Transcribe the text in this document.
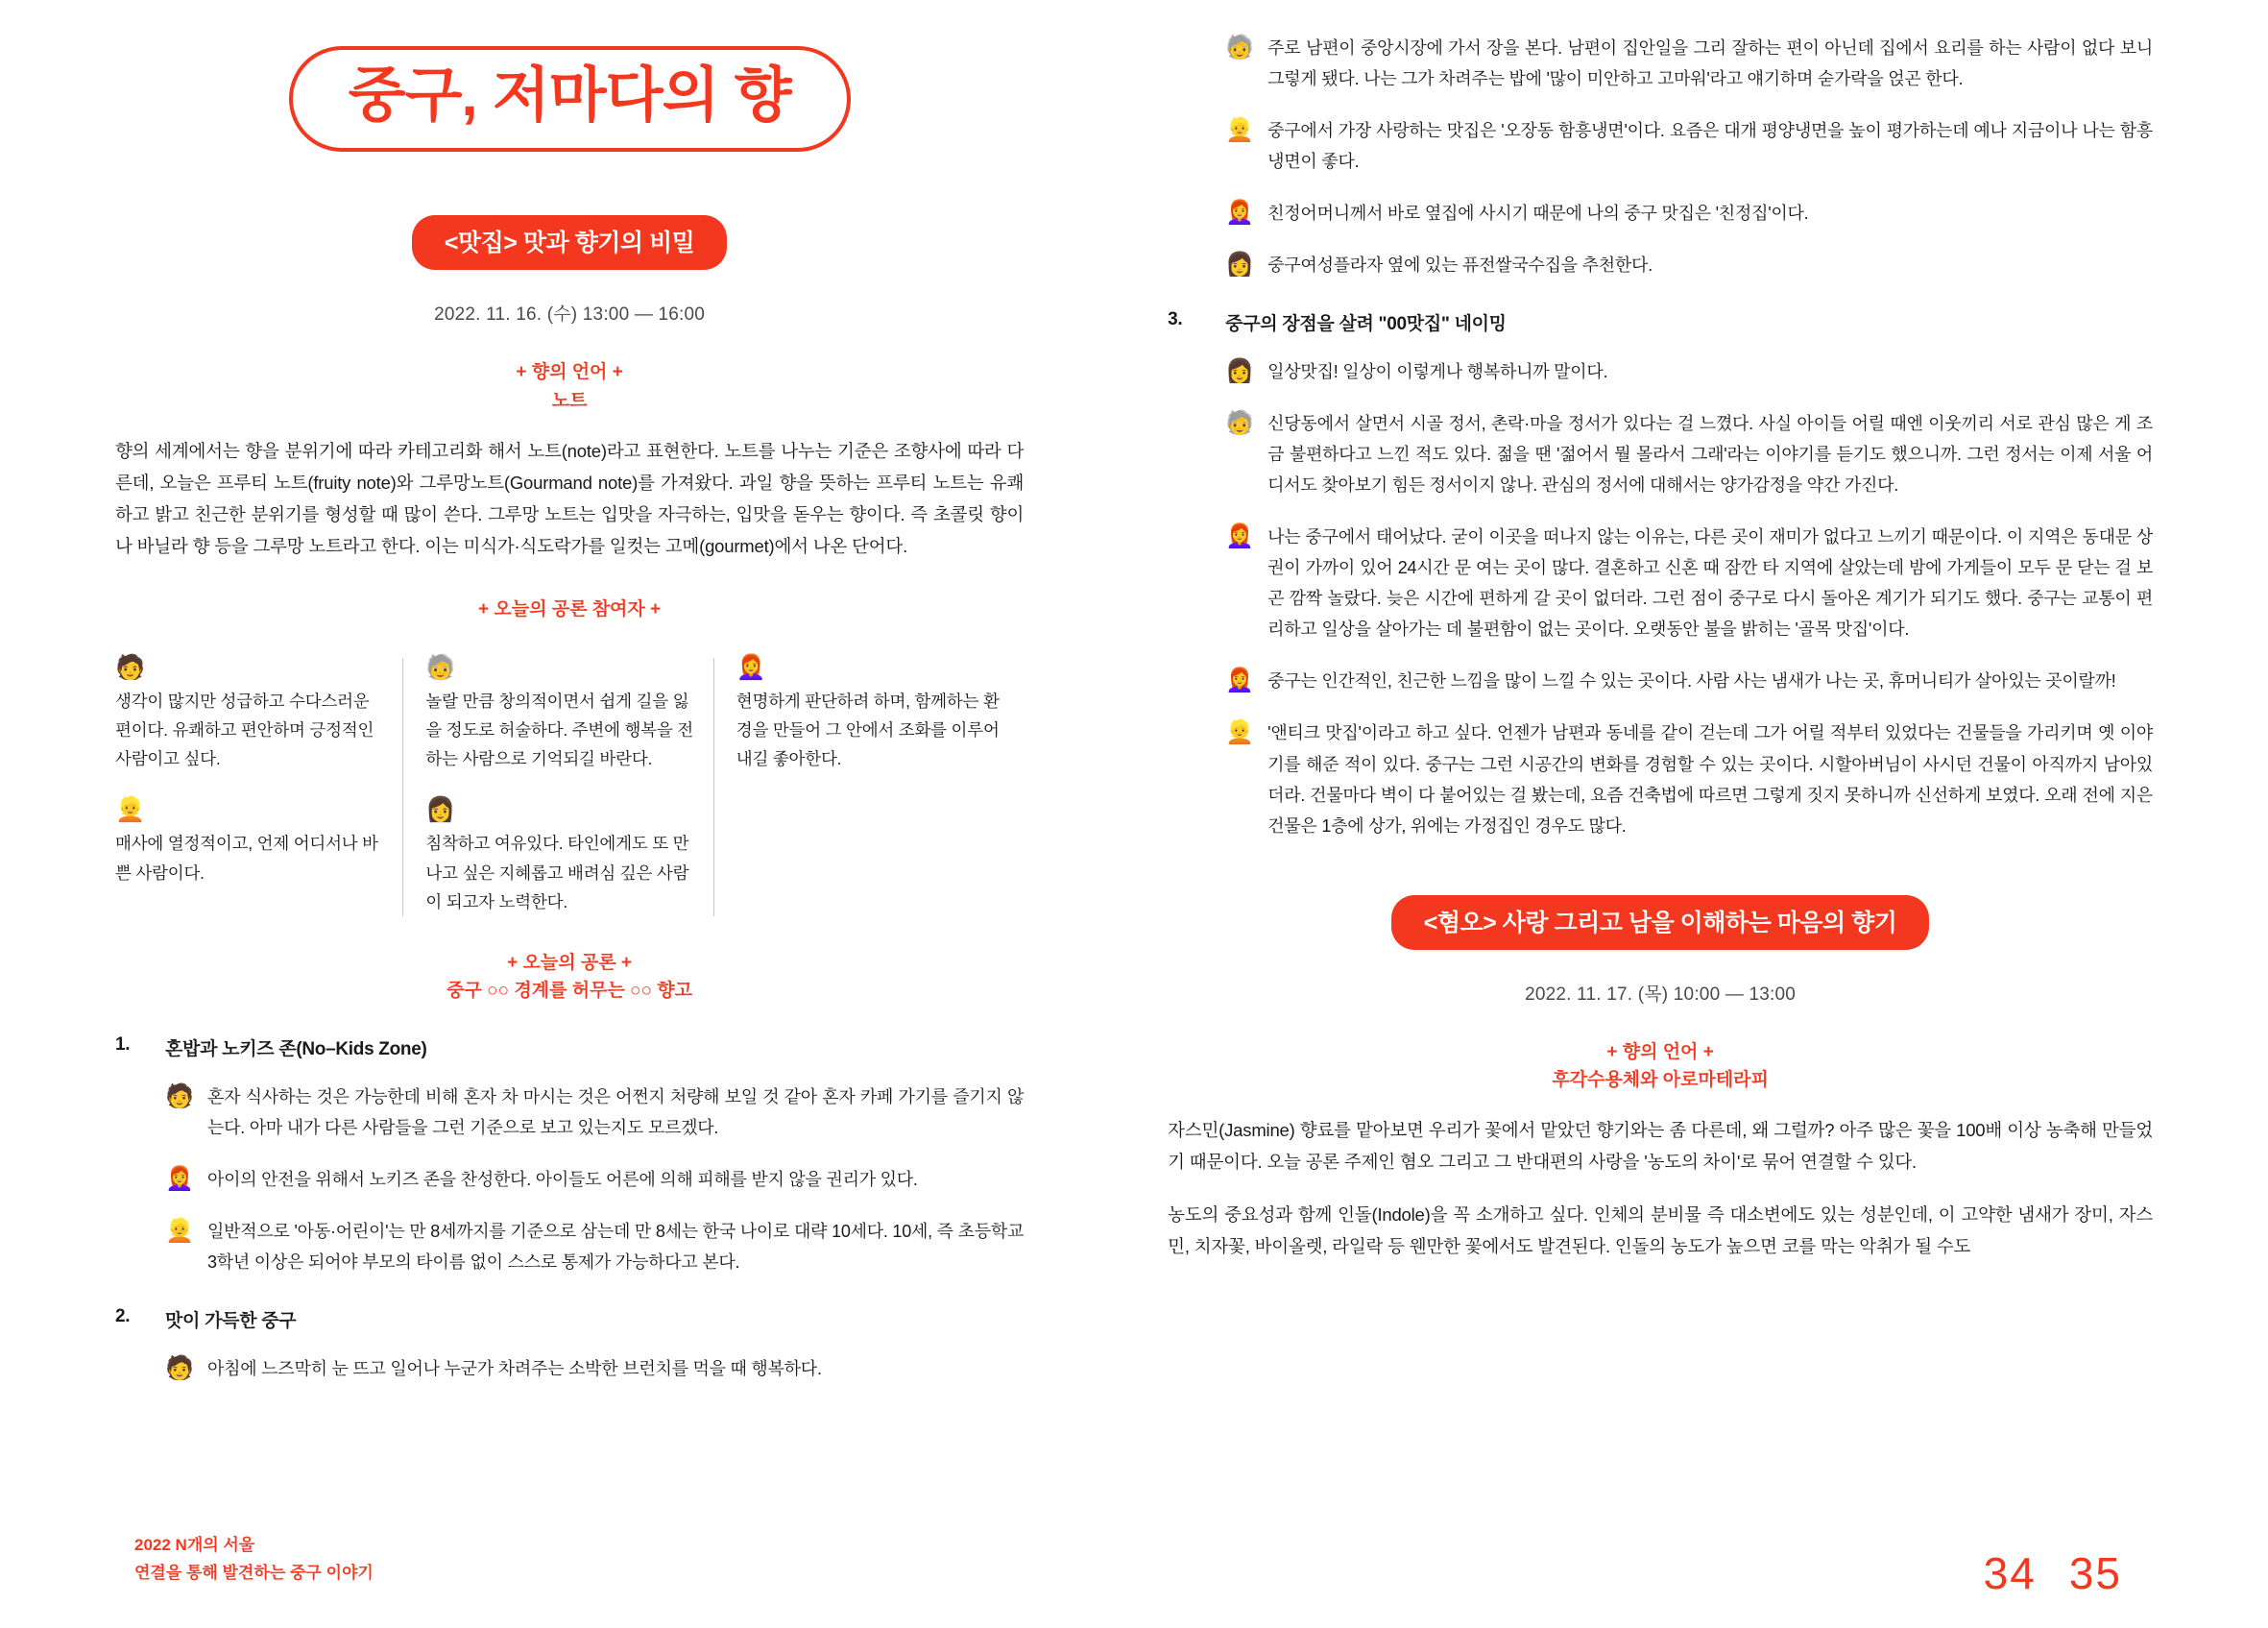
중구, 저마다의 향
<맛집> 맛과 향기의 비밀
2022. 11. 16. (수) 13:00 — 16:00
+ 향의 언어 +
노트
향의 세계에서는 향을 분위기에 따라 카테고리화 해서 노트(note)라고 표현한다. 노트를 나누는 기준은 조향사에 따라 다른데, 오늘은 프루티 노트(fruity note)와 그루망노트(Gourmand note)를 가져왔다. 과일 향을 뜻하는 프루티 노트는 유쾌하고 밝고 친근한 분위기를 형성할 때 많이 쓴다. 그루망 노트는 입맛을 자극하는, 입맛을 돋우는 향이다. 즉 초콜릿 향이나 바닐라 향 등을 그루망 노트라고 한다. 이는 미식가·식도락가를 일컷는 고메(gourmet)에서 나온 단어다.
+ 오늘의 공론 참여자 +
🧑
생각이 많지만 성급하고 수다스러운 편이다. 유쾌하고 편안하며 긍정적인 사람이고 싶다.
👱
매사에 열정적이고, 언제 어디서나 바쁜 사람이다.
🧓
놀랄 만큼 창의적이면서 쉽게 길을 잃을 정도로 허술하다. 주변에 행복을 전하는 사람으로 기억되길 바란다.
👩
침착하고 여유있다. 타인에게도 또 만나고 싶은 지혜롭고 배려심 깊은 사람이 되고자 노력한다.
👩‍🦰
현명하게 판단하려 하며, 함께하는 환경을 만들어 그 안에서 조화를 이루어내길 좋아한다.
+ 오늘의 공론 +
중구 ○○ 경계를 허무는 ○○ 향고
1.	혼밥과 노키즈 존(No–Kids Zone)
🧑 혼자 식사하는 것은 가능한데 비해 혼자 차 마시는 것은 어쩐지 처량해 보일 것 같아 혼자 카페 가기를 즐기지 않는다. 아마 내가 다른 사람들을 그런 기준으로 보고 있는지도 모르겠다.
👩‍🦰 아이의 안전을 위해서 노키즈 존을 찬성한다. 아이들도 어른에 의해 피해를 받지 않을 권리가 있다.
👱 일반적으로 '아동·어린이'는 만 8세까지를 기준으로 삼는데 만 8세는 한국 나이로 대략 10세다. 10세, 즉 초등학교 3학년 이상은 되어야 부모의 타이름 없이 스스로 통제가 가능하다고 본다.
2.	맛이 가득한 중구
🧑 아침에 느즈막히 눈 뜨고 일어나 누군가 차려주는 소박한 브런치를 먹을 때 행복하다.
2022 N개의 서울
연결을 통해 발견하는 중구 이야기
🧓 주로 남편이 중앙시장에 가서 장을 본다. 남편이 집안일을 그리 잘하는 편이 아닌데 집에서 요리를 하는 사람이 없다 보니 그렇게 됐다. 나는 그가 차려주는 밥에 '많이 미안하고 고마워'라고 얘기하며 숟가락을 얹곤 한다.
👱 중구에서 가장 사랑하는 맛집은 '오장동 함흥냉면'이다. 요즘은 대개 평양냉면을 높이 평가하는데 예나 지금이나 나는 함흥냉면이 좋다.
👩‍🦰 친정어머니께서 바로 옆집에 사시기 때문에 나의 중구 맛집은 '친정집'이다.
👩 중구여성플라자 옆에 있는 퓨전쌀국수집을 추천한다.
3.	중구의 장점을 살려 "00맛집" 네이밍
👩 일상맛집! 일상이 이렇게나 행복하니까 말이다.
🧓 신당동에서 살면서 시골 정서, 촌락·마을 정서가 있다는 걸 느꼈다. 사실 아이들 어릴 때엔 이웃끼리 서로 관심 많은 게 조금 불편하다고 느낀 적도 있다. 젊을 땐 '젊어서 뭘 몰라서 그래'라는 이야기를 듣기도 했으니까. 그런 정서는 이제 서울 어디서도 찾아보기 힘든 정서이지 않나. 관심의 정서에 대해서는 양가감정을 약간 가진다.
👩‍🦰 나는 중구에서 태어났다. 굳이 이곳을 떠나지 않는 이유는, 다른 곳이 재미가 없다고 느끼기 때문이다. 이 지역은 동대문 상권이 가까이 있어 24시간 문 여는 곳이 많다. 결혼하고 신혼 때 잠깐 타 지역에 살았는데 밤에 가게들이 모두 문 닫는 걸 보곤 깜짝 놀랐다. 늦은 시간에 편하게 갈 곳이 없더라. 그런 점이 중구로 다시 돌아온 계기가 되기도 했다. 중구는 교통이 편리하고 일상을 살아가는 데 불편함이 없는 곳이다. 오랫동안 불을 밝히는 '골목 맛집'이다.
👩‍🦰 중구는 인간적인, 친근한 느낌을 많이 느낄 수 있는 곳이다. 사람 사는 냄새가 나는 곳, 휴머니티가 살아있는 곳이랄까!
👱 '앤티크 맛집'이라고 하고 싶다. 언젠가 남편과 동네를 같이 걷는데 그가 어릴 적부터 있었다는 건물들을 가리키며 옛 이야기를 해준 적이 있다. 중구는 그런 시공간의 변화를 경험할 수 있는 곳이다. 시할아버님이 사시던 건물이 아직까지 남아있더라. 건물마다 벽이 다 붙어있는 걸 봤는데, 요즘 건축법에 따르면 그렇게 짓지 못하니까 신선하게 보였다. 오래 전에 지은 건물은 1층에 상가, 위에는 가정집인 경우도 많다.
<혐오> 사랑 그리고 남을 이해하는 마음의 향기
2022. 11. 17. (목) 10:00 — 13:00
+ 향의 언어 +
후각수용체와 아로마테라피
자스민(Jasmine) 향료를 맡아보면 우리가 꽃에서 맡았던 향기와는 좀 다른데, 왜 그럴까? 아주 많은 꽃을 100배 이상 농축해 만들었기 때문이다. 오늘 공론 주제인 혐오 그리고 그 반대편의 사랑을 '농도의 차이'로 묶어 연결할 수 있다.
농도의 중요성과 함께 인돌(Indole)을 꼭 소개하고 싶다. 인체의 분비물 즉 대소변에도 있는 성분인데, 이 고약한 냄새가 장미, 자스민, 치자꽃, 바이올렛, 라일락 등 웬만한 꽃에서도 발견된다. 인돌의 농도가 높으면 코를 막는 악취가 될 수도
34 35
